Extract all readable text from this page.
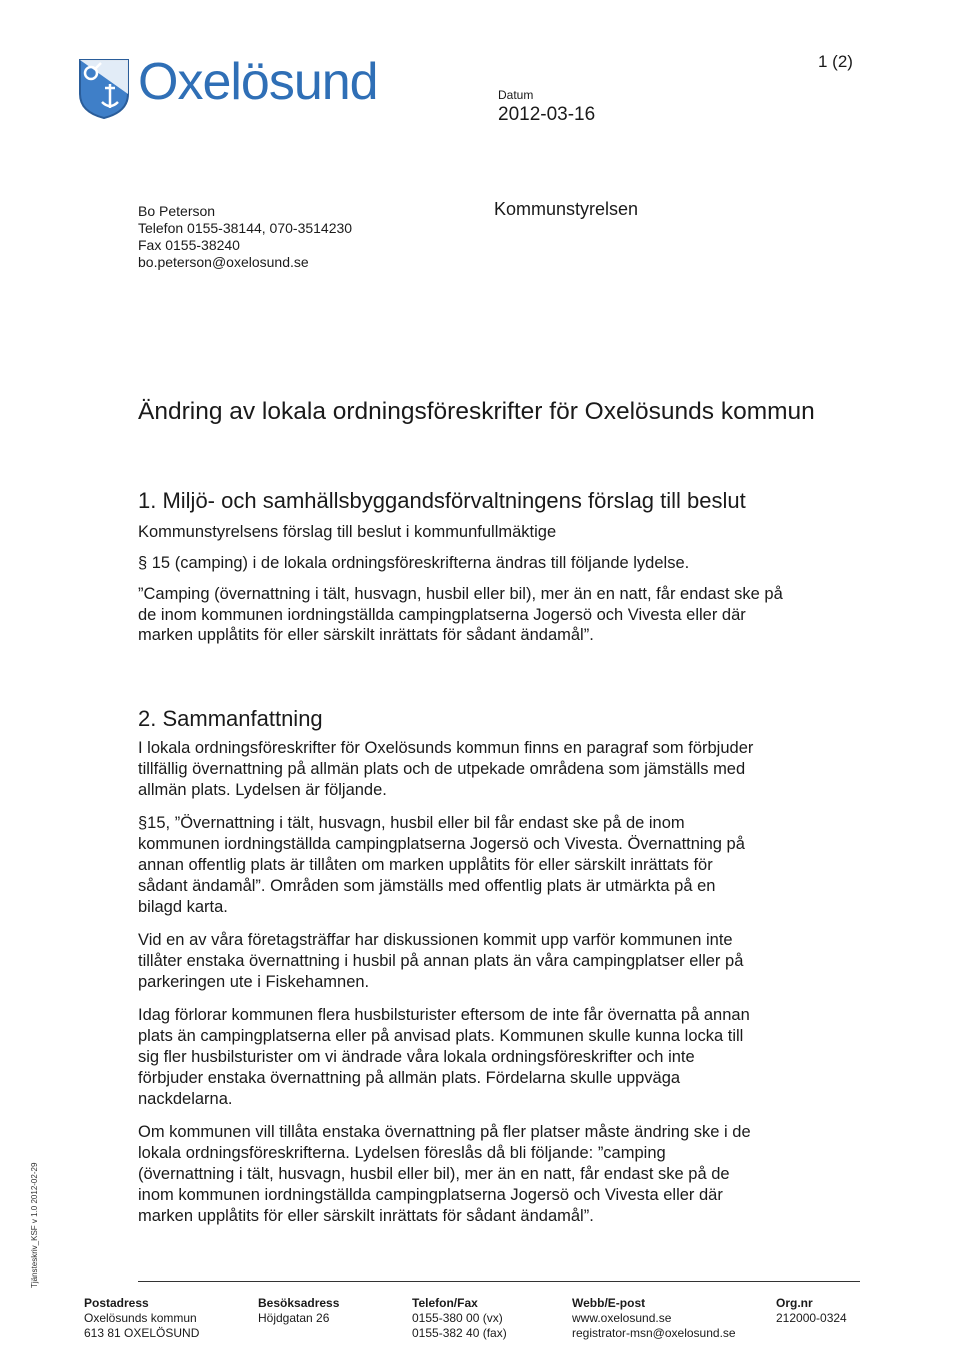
Oxelösund	1 (2)
Datum
2012-03-16
Bo Peterson
Telefon 0155-38144, 070-3514230
Fax 0155-38240
bo.peterson@oxelosund.se
Kommunstyrelsen
Ändring av lokala ordningsföreskrifter för Oxelösunds kommun
1. Miljö- och samhällsbyggandsförvaltningens förslag till beslut
Kommunstyrelsens förslag till beslut i kommunfullmäktige
§ 15 (camping) i de lokala ordningsföreskrifterna ändras till följande lydelse.
”Camping (övernattning i tält, husvagn, husbil eller bil), mer än en natt, får endast ske på de inom kommunen iordningställda campingplatserna Jogersö och Vivesta eller där marken upplåtits för eller särskilt inrättats för sådant ändamål”.
2. Sammanfattning

I lokala ordningsföreskrifter för Oxelösunds kommun finns en paragraf som förbjuder tillfällig övernattning på allmän plats och de utpekade områdena som jämställs med allmän plats. Lydelsen är följande.

§15, ”Övernattning i tält, husvagn, husbil eller bil får endast ske på de inom kommunen iordningställda campingplatserna Jogersö och Vivesta. Övernattning på annan offentlig plats är tillåten om marken upplåtits för eller särskilt inrättats för sådant ändamål”. Områden som jämställs med offentlig plats är utmärkta på en bilagd karta.

Vid en av våra företagsträffar har diskussionen kommit upp varför kommunen inte tillåter enstaka övernattning i husbil på annan plats än våra campingplatser eller på parkeringen ute i Fiskehamnen.

Idag förlorar kommunen flera husbilsturister eftersom de inte får övernatta på annan plats än campingplatserna eller på anvisad plats. Kommunen skulle kunna locka till sig fler husbilsturister om vi ändrade våra lokala ordningsföreskrifter och inte förbjuder enstaka övernattning på allmän plats. Fördelarna skulle uppväga nackdelarna.

Om kommunen vill tillåta enstaka övernattning på fler platser måste ändring ske i de lokala ordningsföreskrifterna. Lydelsen föreslås då bli följande: ”camping (övernattning i tält, husvagn, husbil eller bil), mer än en natt, får endast ske på de inom kommunen iordningställda campingplatserna Jogersö och Vivesta eller där marken upplåtits för eller särskilt inrättats för sådant ändamål”.

Tjänsteskriv_KSF v 1.0 2012-02-29
Postadress
Oxelösunds kommun
613 81 OXELÖSUND
Besöksadress
Höjdgatan 26
Telefon/Fax
0155-380 00 (vx)
0155-382 40 (fax)
Webb/E-post
www.oxelosund.se
registrator-msn@oxelosund.se
Org.nr
212000-0324
